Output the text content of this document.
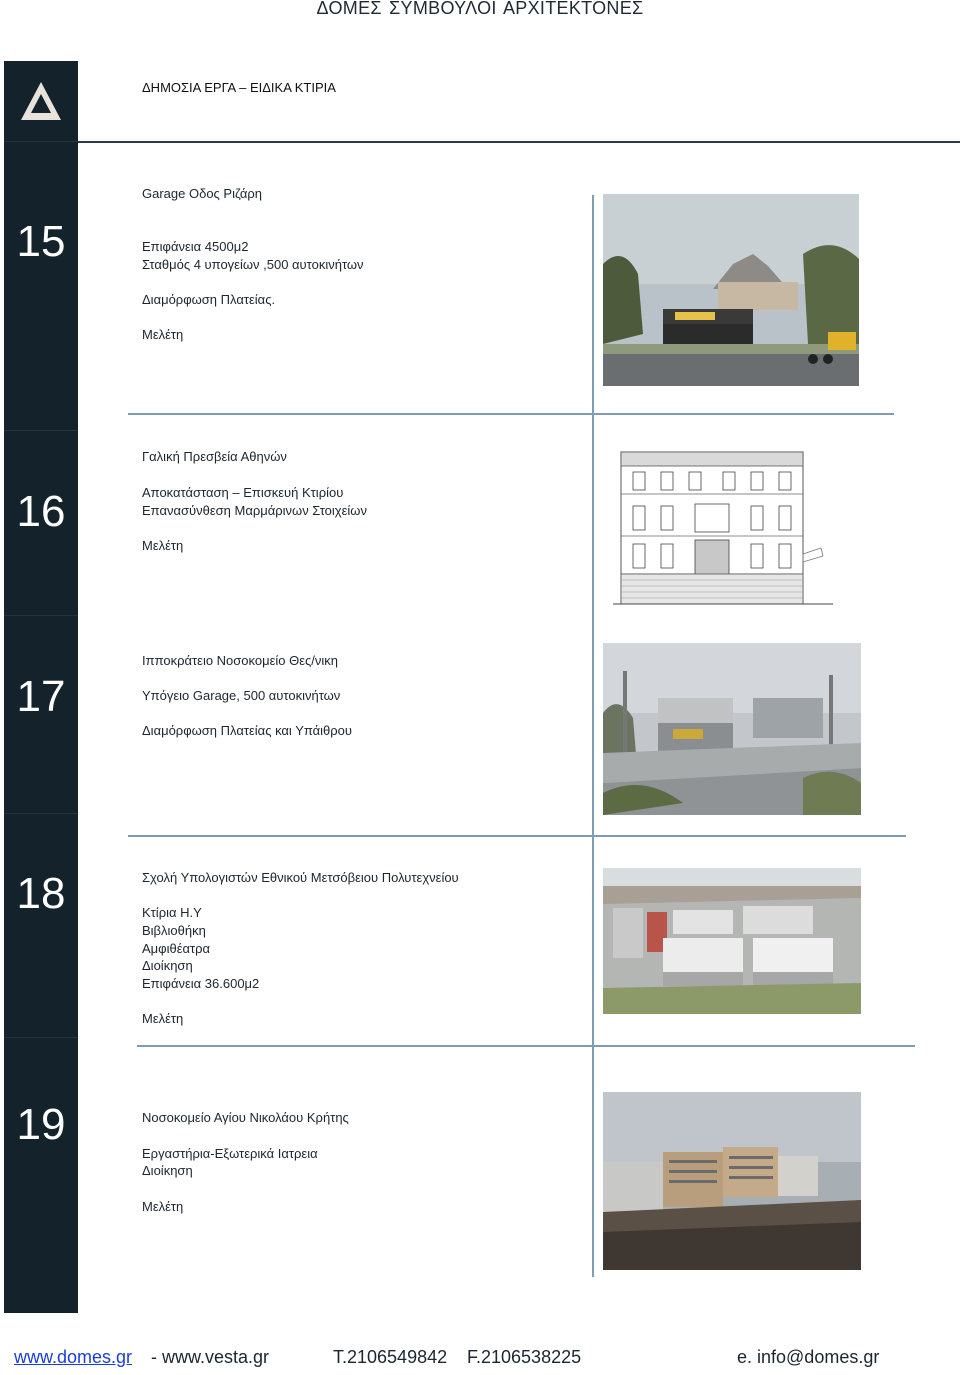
ΔΟΜΕΣ ΣΥΜΒΟΥΛΟΙ ΑΡΧΙΤΕΚΤΟΝΕΣ
ΔΗΜΟΣΙΑ ΕΡΓΑ – ΕΙΔΙΚΑ ΚΤΙΡΙΑ
15
Garage Οδος Ριζάρη
Επιφάνεια 4500μ2
Σταθμός 4 υπογείων ,500 αυτοκινήτων
Διαμόρφωση Πλατείας.
Μελέτη
16
Γαλική Πρεσβεία Αθηνών
Αποκατάσταση – Επισκευή Κτιρίου
Επανασύνθεση Μαρμάρινων Στοιχείων
Μελέτη
17
Ιπποκράτειο Νοσοκομείο Θες/νικη
Υπόγειο Garage, 500 αυτοκινήτων
Διαμόρφωση Πλατείας και Υπάιθρου
18	Σχολή Υπολογιστών Εθνικού Μετσόβειου Πολυτεχνείου
Κτίρια Η.Υ
Βιβλιοθήκη
Αμφιθέατρα
Διοίκηση
Επιφάνεια 36.600μ2
Μελέτη
19	Νοσοκομείο Αγίου Νικολάου Κρήτης
Εργαστήρια-Εξωτερικά Ιατρεια
Διοίκηση
Μελέτη
www.domes.gr - www.vesta.gr	T.2106549842 F.2106538225	e. info@domes.gr
